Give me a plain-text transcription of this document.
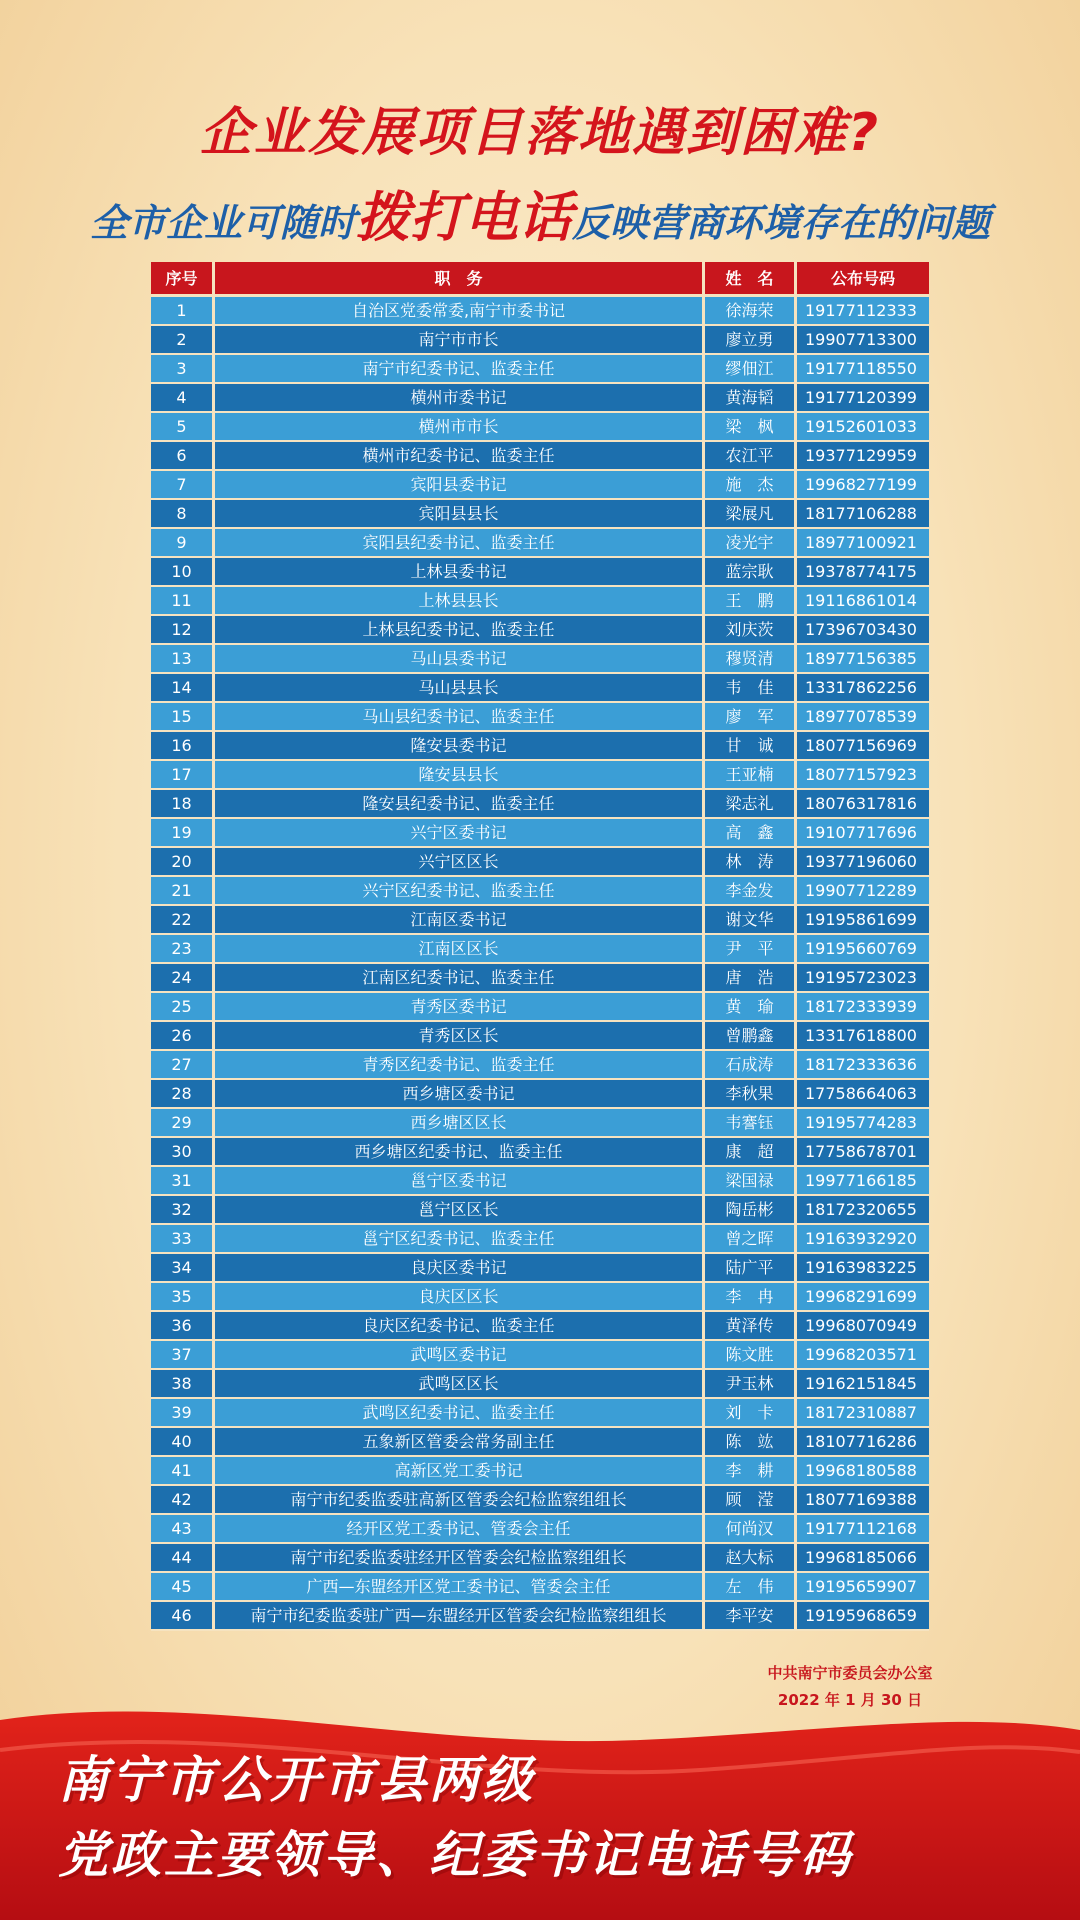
企业发展项目落地遇到困难?
全市企业可随时拨打电话反映营商环境存在的问题
序号	职　务	姓　名	公布号码
1	自治区党委常委,南宁市委书记	徐海荣	19177112333
2	南宁市市长	廖立勇	19907713300
3	南宁市纪委书记、监委主任	缪佃江	19177118550
4	横州市委书记	黄海韬	19177120399
5	横州市市长	梁　枫	19152601033
6	横州市纪委书记、监委主任	农江平	19377129959
7	宾阳县委书记	施　杰	19968277199
8	宾阳县县长	梁展凡	18177106288
9	宾阳县纪委书记、监委主任	凌光宇	18977100921
10	上林县委书记	蓝宗耿	19378774175
11	上林县县长	王　鹏	19116861014
12	上林县纪委书记、监委主任	刘庆茨	17396703430
13	马山县委书记	穆贤清	18977156385
14	马山县县长	韦　佳	13317862256
15	马山县纪委书记、监委主任	廖　军	18977078539
16	隆安县委书记	甘　诚	18077156969
17	隆安县县长	王亚楠	18077157923
18	隆安县纪委书记、监委主任	梁志礼	18076317816
19	兴宁区委书记	高　鑫	19107717696
20	兴宁区区长	林　涛	19377196060
21	兴宁区纪委书记、监委主任	李金发	19907712289
22	江南区委书记	谢文华	19195861699
23	江南区区长	尹　平	19195660769
24	江南区纪委书记、监委主任	唐　浩	19195723023
25	青秀区委书记	黄　瑜	18172333939
26	青秀区区长	曾鹏鑫	13317618800
27	青秀区纪委书记、监委主任	石成涛	18172333636
28	西乡塘区委书记	李秋果	17758664063
29	西乡塘区区长	韦謇钰	19195774283
30	西乡塘区纪委书记、监委主任	康　超	17758678701
31	邕宁区委书记	梁国禄	19977166185
32	邕宁区区长	陶岳彬	18172320655
33	邕宁区纪委书记、监委主任	曾之晖	19163932920
34	良庆区委书记	陆广平	19163983225
35	良庆区区长	李　冉	19968291699
36	良庆区纪委书记、监委主任	黄泽传	19968070949
37	武鸣区委书记	陈文胜	19968203571
38	武鸣区区长	尹玉林	19162151845
39	武鸣区纪委书记、监委主任	刘　卡	18172310887
40	五象新区管委会常务副主任	陈　竑	18107716286
41	高新区党工委书记	李　耕	19968180588
42	南宁市纪委监委驻高新区管委会纪检监察组组长	顾　滢	18077169388
43	经开区党工委书记、管委会主任	何尚汉	19177112168
44	南宁市纪委监委驻经开区管委会纪检监察组组长	赵大标	19968185066
45	广西—东盟经开区党工委书记、管委会主任	左　伟	19195659907
46	南宁市纪委监委驻广西—东盟经开区管委会纪检监察组组长	李平安	19195968659
中共南宁市委员会办公室
2022 年 1 月 30 日
南宁市公开市县两级
党政主要领导、纪委书记电话号码
